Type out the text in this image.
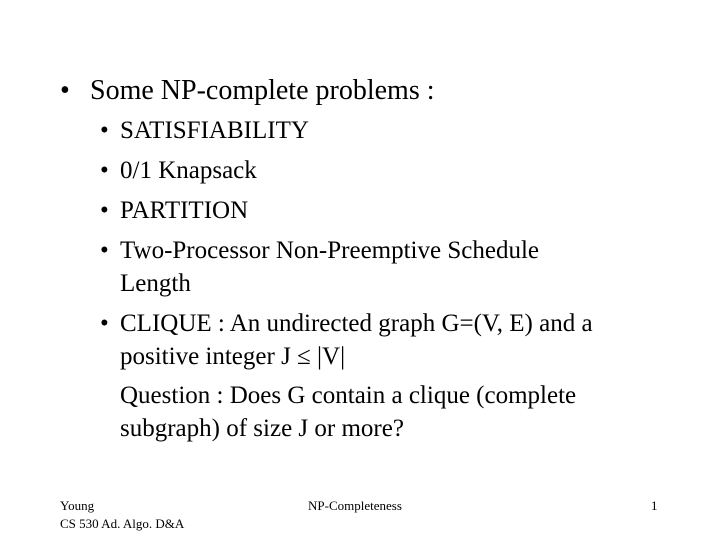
• Some NP-complete problems :
• SATISFIABILITY
• 0/1 Knapsack
• PARTITION
• Two-Processor Non-Preemptive Schedule Length
• CLIQUE : An undirected graph G=(V, E) and a positive integer J ≤ |V|
Question : Does G contain a clique (complete subgraph) of size J or more?
Young
CS 530 Ad. Algo. D&A
NP-Completeness	1
